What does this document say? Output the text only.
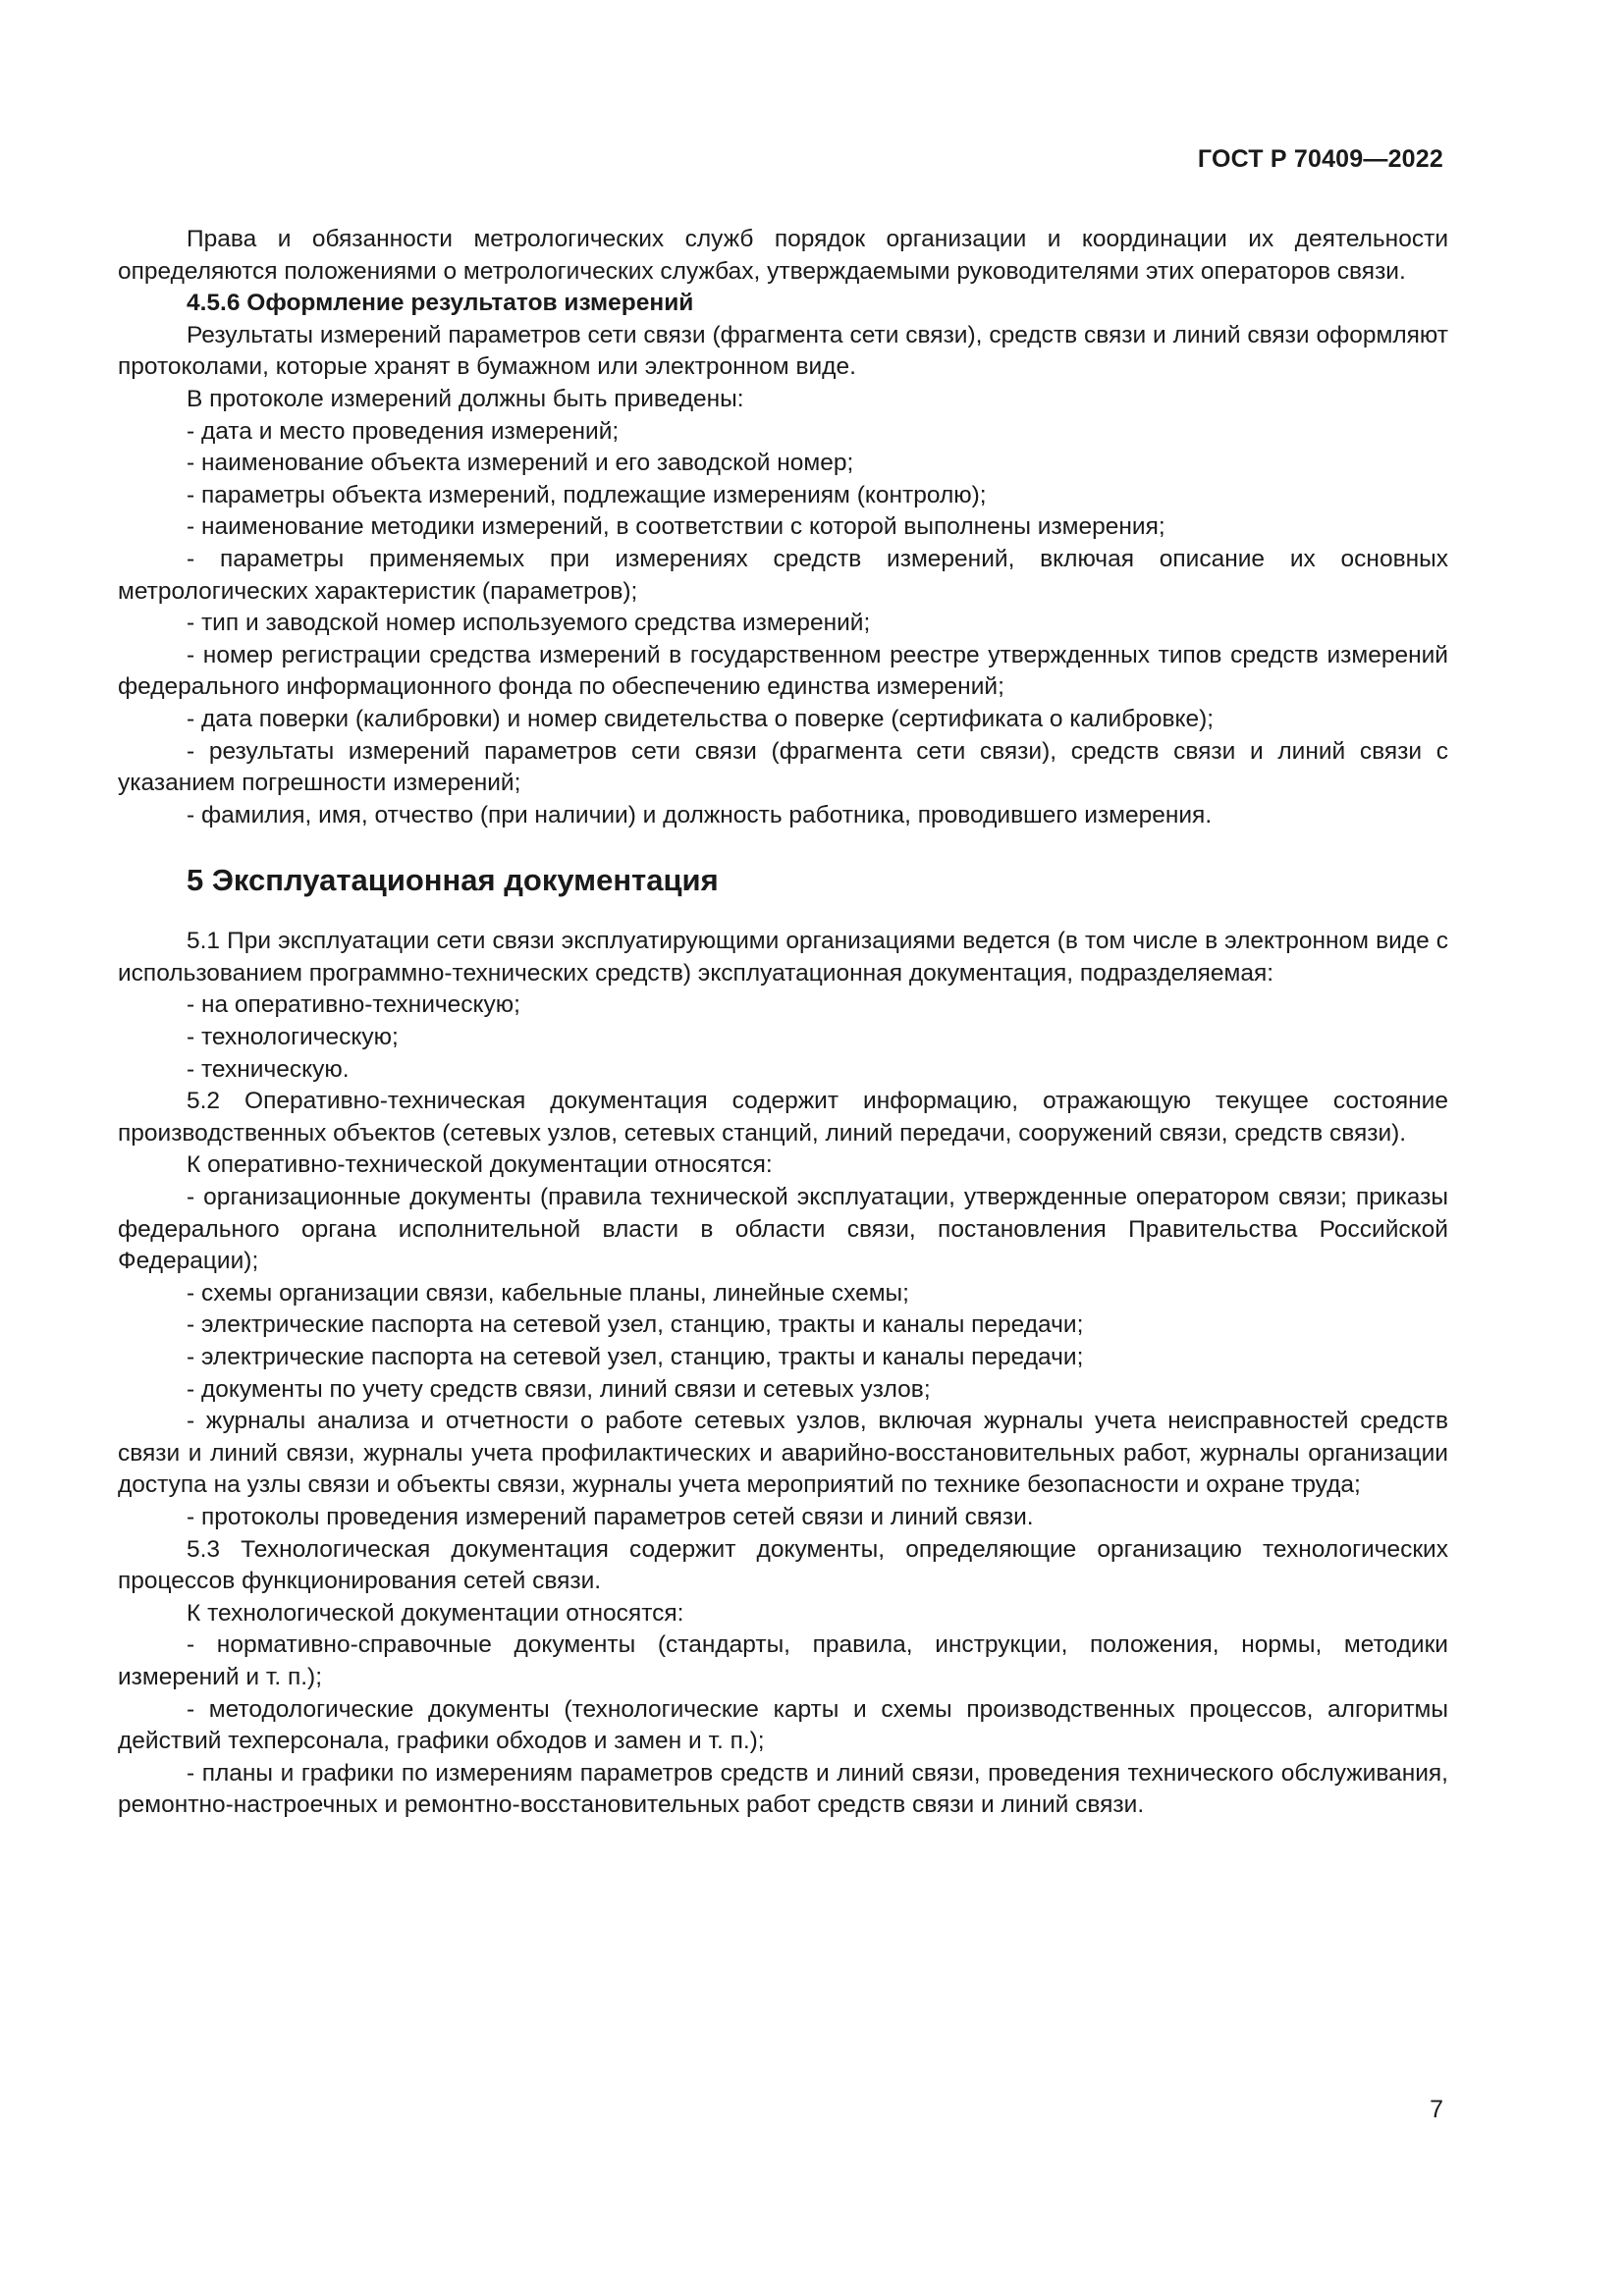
ГОСТ Р 70409—2022

Права и обязанности метрологических служб порядок организации и координации их деятельности определяются положениями о метрологических службах, утверждаемыми руководителями этих операторов связи.

4.5.6 Оформление результатов измерений

Результаты измерений параметров сети связи (фрагмента сети связи), средств связи и линий связи оформляют протоколами, которые хранят в бумажном или электронном виде.

В протоколе измерений должны быть приведены:

- дата и место проведения измерений;

- наименование объекта измерений и его заводской номер;

- параметры объекта измерений, подлежащие измерениям (контролю);

- наименование методики измерений, в соответствии с которой выполнены измерения;

- параметры применяемых при измерениях средств измерений, включая описание их основных метрологических характеристик (параметров);

- тип и заводской номер используемого средства измерений;

- номер регистрации средства измерений в государственном реестре утвержденных типов средств измерений федерального информационного фонда по обеспечению единства измерений;

- дата поверки (калибровки) и номер свидетельства о поверке (сертификата о калибровке);

- результаты измерений параметров сети связи (фрагмента сети связи), средств связи и линий связи с указанием погрешности измерений;

- фамилия, имя, отчество (при наличии) и должность работника, проводившего измерения.

5 Эксплуатационная документация

5.1 При эксплуатации сети связи эксплуатирующими организациями ведется (в том числе в электронном виде с использованием программно-технических средств) эксплуатационная документация, подразделяемая:

- на оперативно-техническую;

- технологическую;

- техническую.

5.2 Оперативно-техническая документация содержит информацию, отражающую текущее состояние производственных объектов (сетевых узлов, сетевых станций, линий передачи, сооружений связи, средств связи).

К оперативно-технической документации относятся:

- организационные документы (правила технической эксплуатации, утвержденные оператором связи; приказы федерального органа исполнительной власти в области связи, постановления Правительства Российской Федерации);

- схемы организации связи, кабельные планы, линейные схемы;

- электрические паспорта на сетевой узел, станцию, тракты и каналы передачи;

- электрические паспорта на сетевой узел, станцию, тракты и каналы передачи;

- документы по учету средств связи, линий связи и сетевых узлов;

- журналы анализа и отчетности о работе сетевых узлов, включая журналы учета неисправностей средств связи и линий связи, журналы учета профилактических и аварийно-восстановительных работ, журналы организации доступа на узлы связи и объекты связи, журналы учета мероприятий по технике безопасности и охране труда;

- протоколы проведения измерений параметров сетей связи и линий связи.

5.3 Технологическая документация содержит документы, определяющие организацию технологических процессов функционирования сетей связи.

К технологической документации относятся:

- нормативно-справочные документы (стандарты, правила, инструкции, положения, нормы, методики измерений и т. п.);

- методологические документы (технологические карты и схемы производственных процессов, алгоритмы действий техперсонала, графики обходов и замен и т. п.);

- планы и графики по измерениям параметров средств и линий связи, проведения технического обслуживания, ремонтно-настроечных и ремонтно-восстановительных работ средств связи и линий связи.

7
